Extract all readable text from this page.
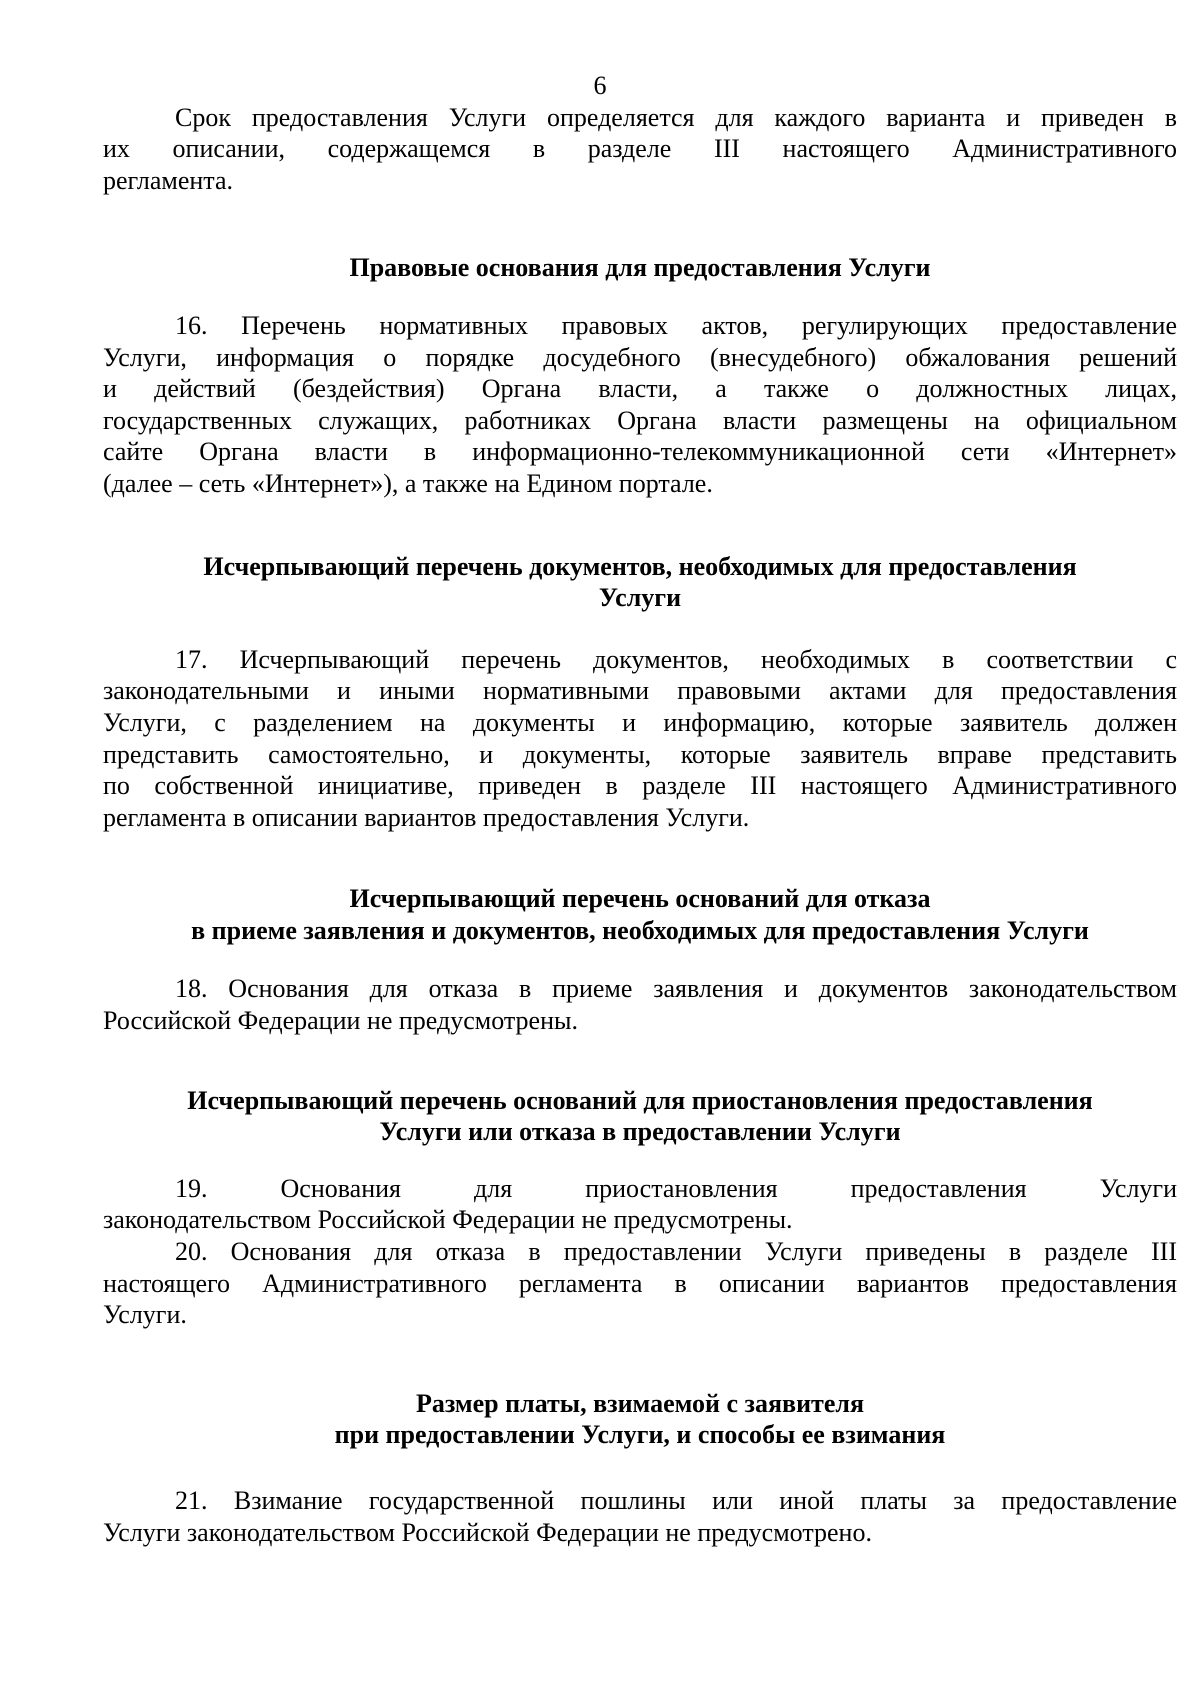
6
Срок предоставления Услуги определяется для каждого варианта и приведен в
их описании, содержащемся в разделе III настоящего Административного
регламента.
Правовые основания для предоставления Услуги
16. Перечень нормативных правовых актов, регулирующих предоставление
Услуги, информация о порядке досудебного (внесудебного) обжалования решений
и действий (бездействия) Органа власти, а также о должностных лицах,
государственных служащих, работниках Органа власти размещены на официальном
сайте Органа власти в информационно-телекоммуникационной сети «Интернет»
(далее – сеть «Интернет»), а также на Едином портале.
Исчерпывающий перечень документов, необходимых для предоставления
Услуги
17. Исчерпывающий перечень документов, необходимых в соответствии с
законодательными и иными нормативными правовыми актами для предоставления
Услуги, с разделением на документы и информацию, которые заявитель должен
представить самостоятельно, и документы, которые заявитель вправе представить
по собственной инициативе, приведен в разделе III настоящего Административного
регламента в описании вариантов предоставления Услуги.
Исчерпывающий перечень оснований для отказа
в приеме заявления и документов, необходимых для предоставления Услуги
18. Основания для отказа в приеме заявления и документов законодательством
Российской Федерации не предусмотрены.
Исчерпывающий перечень оснований для приостановления предоставления
Услуги или отказа в предоставлении Услуги
19. Основания для приостановления предоставления Услуги
законодательством Российской Федерации не предусмотрены.
20. Основания для отказа в предоставлении Услуги приведены в разделе III
настоящего Административного регламента в описании вариантов предоставления
Услуги.
Размер платы, взимаемой с заявителя
при предоставлении Услуги, и способы ее взимания
21. Взимание государственной пошлины или иной платы за предоставление
Услуги законодательством Российской Федерации не предусмотрено.
